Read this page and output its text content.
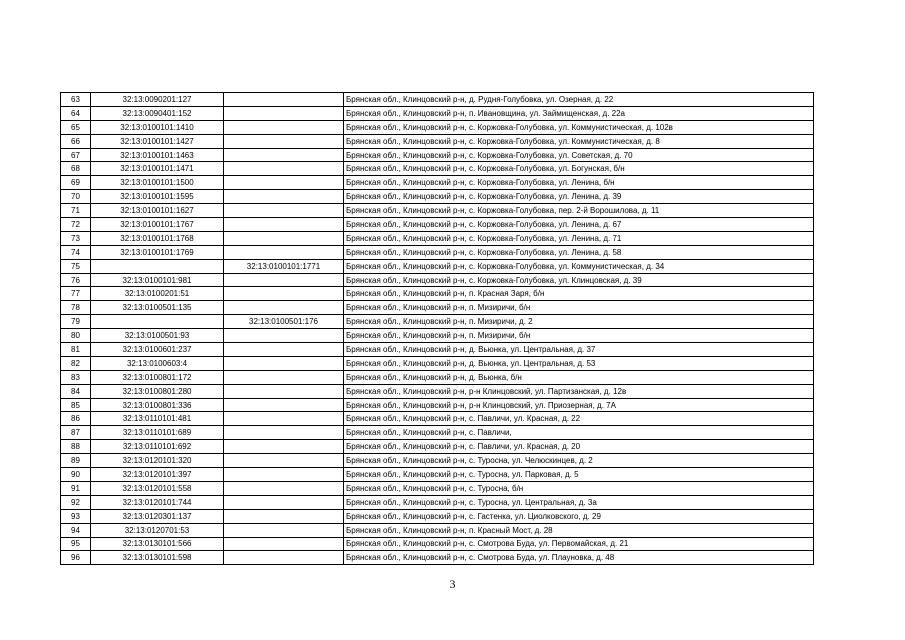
63	32:13:0090201:127		Брянская обл., Клинцовский р-н, д. Рудня-Голубовка, ул. Озерная, д. 22
64	32:13:0090401:152		Брянская обл., Клинцовский р-н, п. Ивановщина, ул. Займищенская, д. 22а
65	32:13:0100101:1410		Брянская обл., Клинцовский р-н, с. Коржовка-Голубовка, ул. Коммунистическая, д. 102в
66	32:13:0100101:1427		Брянская обл., Клинцовский р-н, с. Коржовка-Голубовка, ул. Коммунистическая, д. 8
67	32:13:0100101:1463		Брянская обл., Клинцовский р-н, с. Коржовка-Голубовка, ул. Советская, д. 70
68	32:13:0100101:1471		Брянская обл., Клинцовский р-н, с. Коржовка-Голубовка, ул. Богунская, б/н
69	32:13:0100101:1500		Брянская обл., Клинцовский р-н, с. Коржовка-Голубовка, ул. Ленина, б/н
70	32:13:0100101:1595		Брянская обл., Клинцовский р-н, с. Коржовка-Голубовка, ул. Ленина, д. 39
71	32:13:0100101:1627		Брянская обл., Клинцовский р-н, с. Коржовка-Голубовка, пер. 2-й Ворошилова, д. 11
72	32:13:0100101:1767		Брянская обл., Клинцовский р-н, с. Коржовка-Голубовка, ул. Ленина, д. 67
73	32:13:0100101:1768		Брянская обл., Клинцовский р-н, с. Коржовка-Голубовка, ул. Ленина, д. 71
74	32:13:0100101:1769		Брянская обл., Клинцовский р-н, с. Коржовка-Голубовка, ул. Ленина, д. 58
75		32:13:0100101:1771	Брянская обл., Клинцовский р-н, с. Коржовка-Голубовка, ул. Коммунистическая, д. 34
76	32:13:0100101:981		Брянская обл., Клинцовский р-н, с. Коржовка-Голубовка, ул. Клинцовская, д. 39
77	32:13:0100201:51		Брянская обл., Клинцовский р-н, п. Красная Заря, б/н
78	32:13:0100501:135		Брянская обл., Клинцовский р-н, п. Мизиричи, б/н
79		32:13:0100501:176	Брянская обл., Клинцовский р-н, п. Мизиричи, д. 2
80	32:13:0100501:93		Брянская обл., Клинцовский р-н, п. Мизиричи, б/н
81	32:13:0100601:237		Брянская обл., Клинцовский р-н, д. Вьюнка, ул. Центральная, д. 37
82	32:13:0100603:4		Брянская обл., Клинцовский р-н, д. Вьюнка, ул. Центральная, д. 53
83	32:13:0100801:172		Брянская обл., Клинцовский р-н, д. Вьюнка, б/н
84	32:13:0100801:280		Брянская обл., Клинцовский р-н, р-н Клинцовский, ул. Партизанская, д. 12в
85	32:13:0100801:336		Брянская обл., Клинцовский р-н, р-н Клинцовский, ул. Приозерная, д. 7А
86	32:13:0110101:481		Брянская обл., Клинцовский р-н, с. Павличи, ул. Красная, д. 22
87	32:13:0110101:689		Брянская обл., Клинцовский р-н, с. Павличи,
88	32:13:0110101:692		Брянская обл., Клинцовский р-н, с. Павличи, ул. Красная, д. 20
89	32:13:0120101:320		Брянская обл., Клинцовский р-н, с. Туросна, ул. Челюскинцев, д. 2
90	32:13:0120101:397		Брянская обл., Клинцовский р-н, с. Туросна, ул. Парковая, д. 5
91	32:13:0120101:558		Брянская обл., Клинцовский р-н, с. Туросна, б/н
92	32:13:0120101:744		Брянская обл., Клинцовский р-н, с. Туросна, ул. Центральная, д. 3а
93	32:13:0120301:137		Брянская обл., Клинцовский р-н, с. Гастенка, ул. Циолковского, д. 29
94	32:13:0120701:53		Брянская обл., Клинцовский р-н, п. Красный Мост, д. 28
95	32:13:0130101:566		Брянская обл., Клинцовский р-н, с. Смотрова Буда, ул. Первомайская, д. 21
96	32:13:0130101:598		Брянская обл., Клинцовский р-н, с. Смотрова Буда, ул. Плауновка, д. 48
3
